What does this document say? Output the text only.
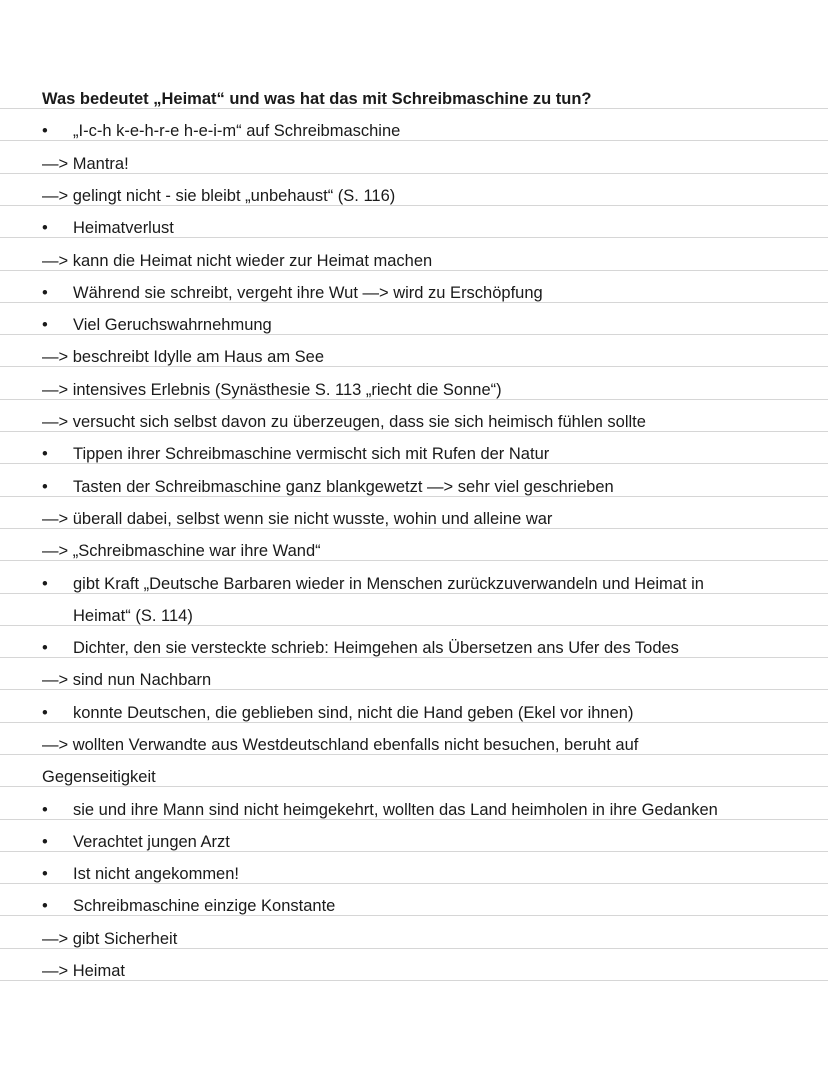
Was bedeutet „Heimat“ und was hat das mit Schreibmaschine zu tun?
• „I-c-h k-e-h-r-e h-e-i-m“ auf Schreibmaschine
—> Mantra!
—> gelingt nicht - sie bleibt „unbehaust“ (S. 116)
• Heimatverlust
—> kann die Heimat nicht wieder zur Heimat machen
• Während sie schreibt, vergeht ihre Wut —> wird zu Erschöpfung
• Viel Geruchswahrnehmung
—> beschreibt Idylle am Haus am See
—> intensives Erlebnis (Synästhesie S. 113 „riecht die Sonne“)
—> versucht sich selbst davon zu überzeugen, dass sie sich heimisch fühlen sollte
• Tippen ihrer Schreibmaschine vermischt sich mit Rufen der Natur
• Tasten der Schreibmaschine ganz blankgewetzt —> sehr viel geschrieben
—> überall dabei, selbst wenn sie nicht wusste, wohin und alleine war
—> „Schreibmaschine war ihre Wand“
• gibt Kraft „Deutsche Barbaren wieder in Menschen zurückzuverwandeln und Heimat in
Heimat“ (S. 114)
• Dichter, den sie versteckte schrieb: Heimgehen als Übersetzen ans Ufer des Todes
—> sind nun Nachbarn
• konnte Deutschen, die geblieben sind, nicht die Hand geben (Ekel vor ihnen)
—> wollten Verwandte aus Westdeutschland ebenfalls nicht besuchen, beruht auf
Gegenseitigkeit
• sie und ihre Mann sind nicht heimgekehrt, wollten das Land heimholen in ihre Gedanken
• Verachtet jungen Arzt
• Ist nicht angekommen!
• Schreibmaschine einzige Konstante
—> gibt Sicherheit
—> Heimat
